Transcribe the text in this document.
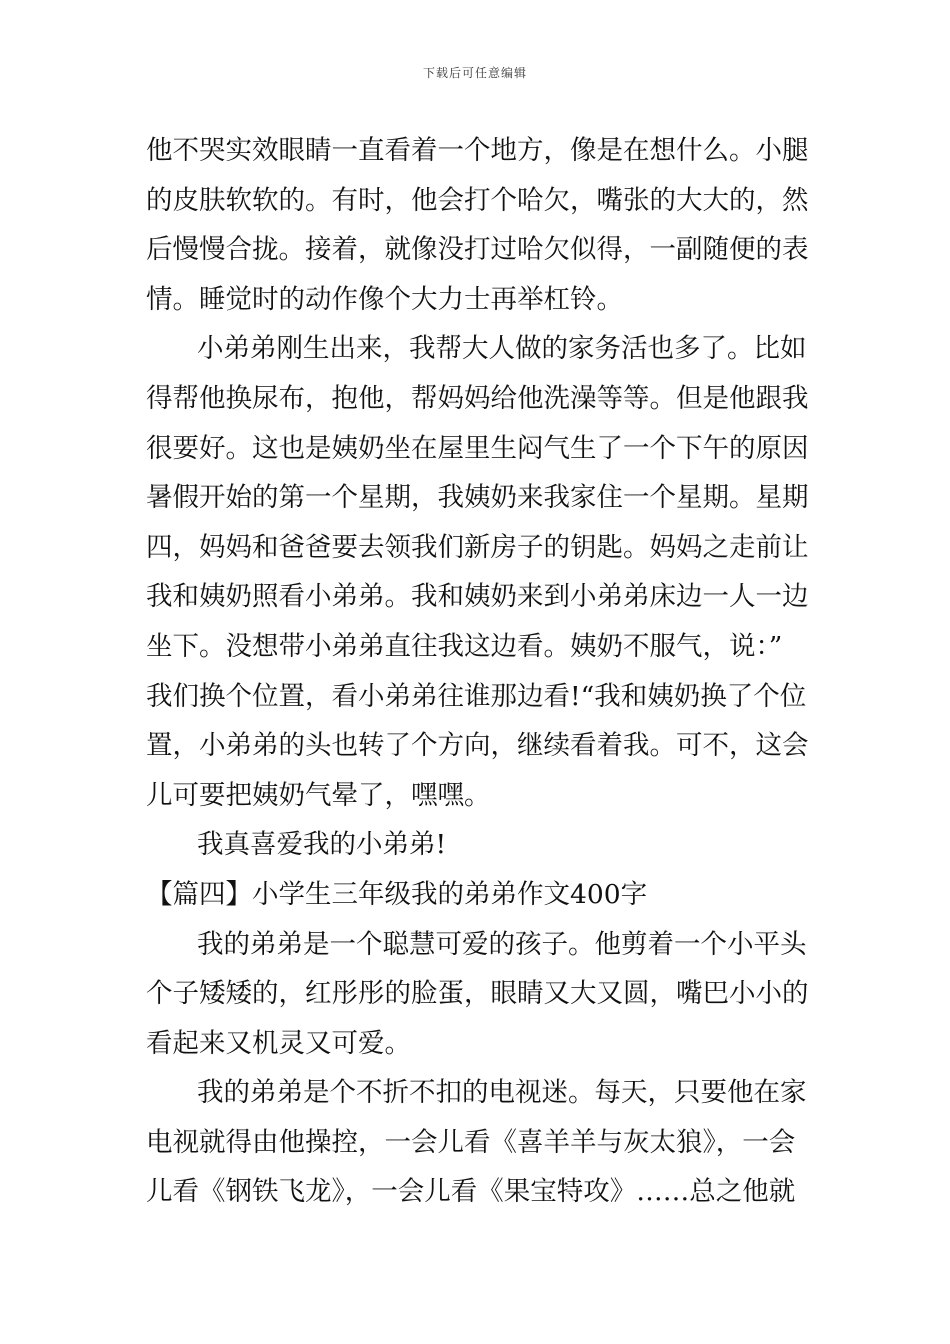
下载后可任意编辑
他不哭实效眼睛一直看着一个地方，像是在想什么。小腿
的皮肤软软的。有时，他会打个哈欠，嘴张的大大的，然
后慢慢合拢。接着，就像没打过哈欠似得，一副随便的表
情。睡觉时的动作像个大力士再举杠铃。
小弟弟刚生出来，我帮大人做的家务活也多了。比如
得帮他换尿布，抱他，帮妈妈给他洗澡等等。但是他跟我
很要好。这也是姨奶坐在屋里生闷气生了一个下午的原因
暑假开始的第一个星期，我姨奶来我家住一个星期。星期
四，妈妈和爸爸要去领我们新房子的钥匙。妈妈之走前让
我和姨奶照看小弟弟。我和姨奶来到小弟弟床边一人一边
坐下。没想带小弟弟直往我这边看。姨奶不服气，说：”
我们换个位置，看小弟弟往谁那边看!“我和姨奶换了个位
置，小弟弟的头也转了个方向，继续看着我。可不，这会
儿可要把姨奶气晕了，嘿嘿。
我真喜爱我的小弟弟!
【篇四】小学生三年级我的弟弟作文400字
我的弟弟是一个聪慧可爱的孩子。他剪着一个小平头
个子矮矮的，红彤彤的脸蛋，眼睛又大又圆，嘴巴小小的
看起来又机灵又可爱。
我的弟弟是个不折不扣的电视迷。每天，只要他在家
电视就得由他操控，一会儿看《喜羊羊与灰太狼》，一会
儿看《钢铁飞龙》，一会儿看《果宝特攻》……总之他就
